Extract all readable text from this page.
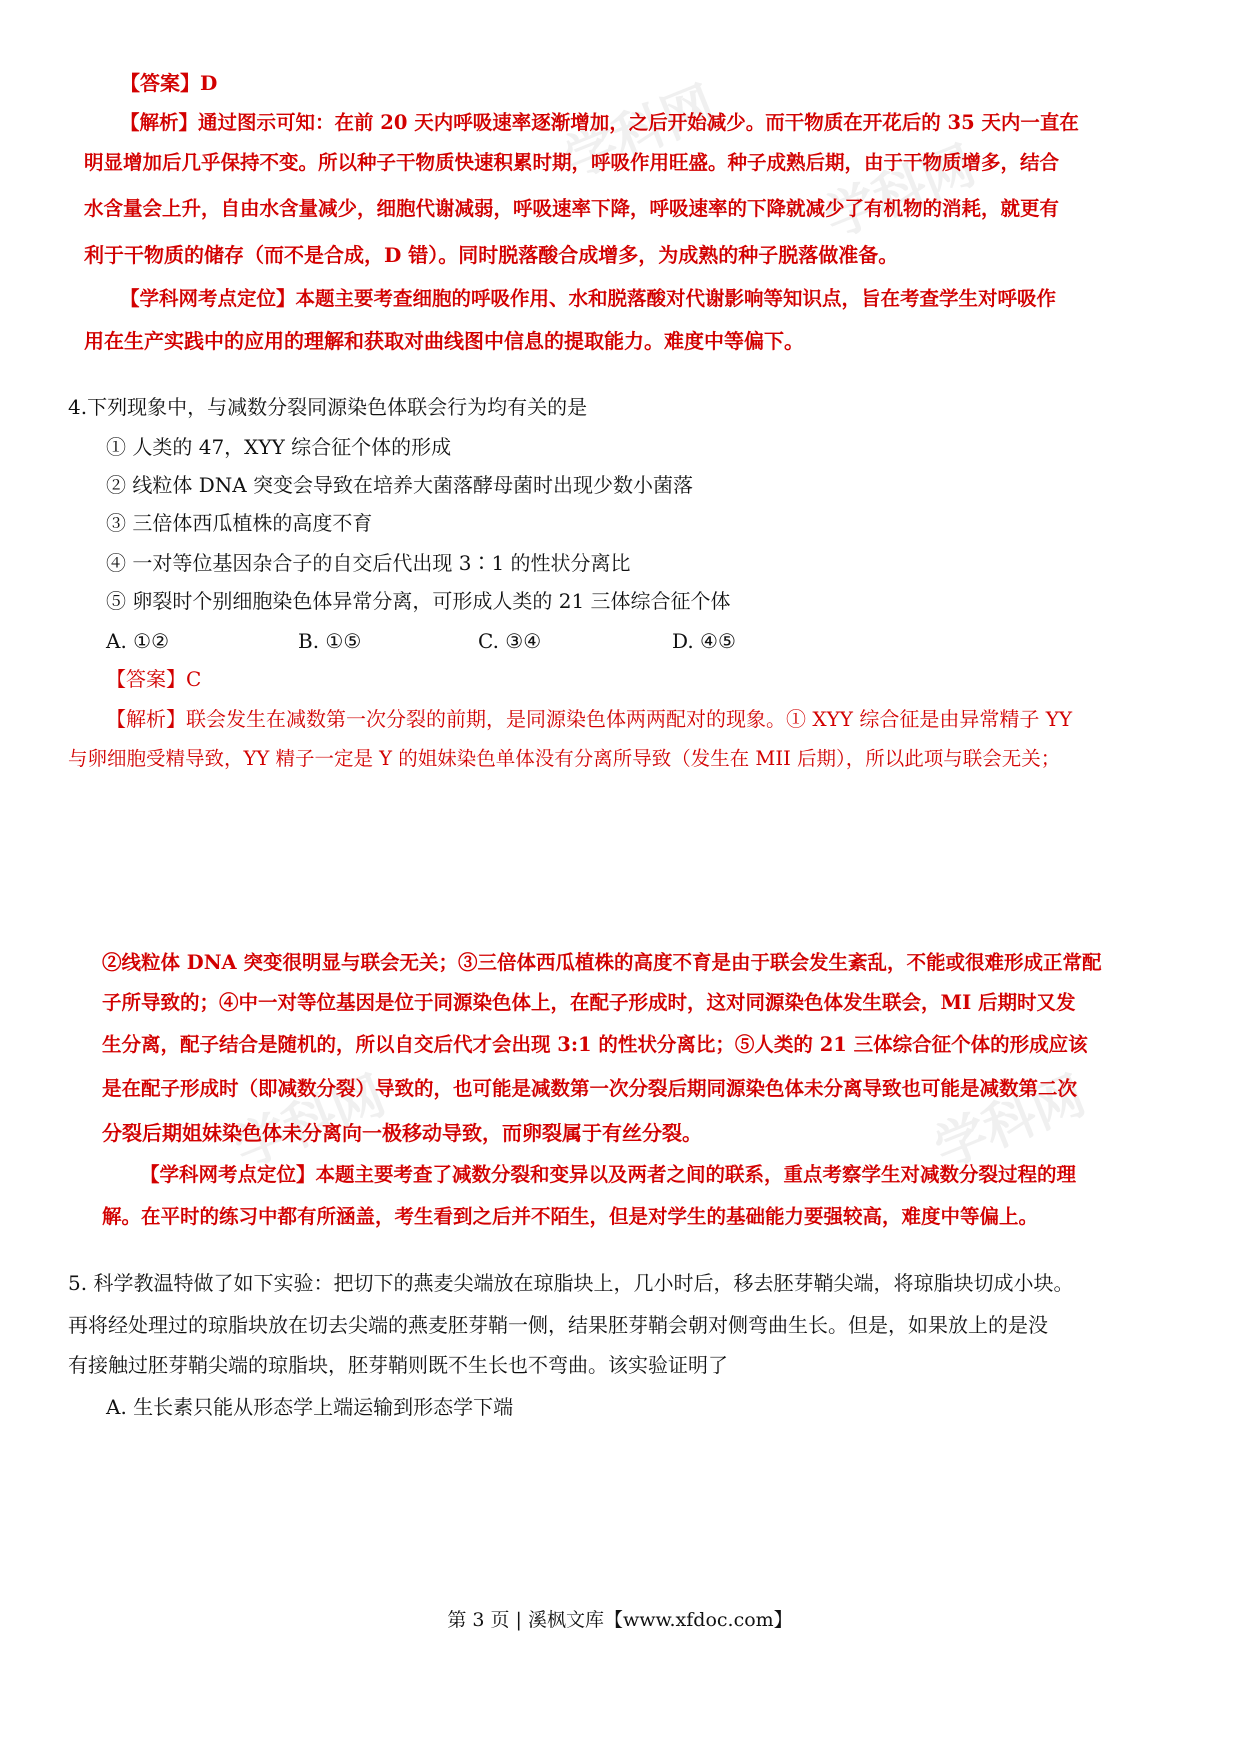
学科网
学科网
学科网	学科网
【答案】D
【解析】通过图示可知：在前 20 天内呼吸速率逐渐增加，之后开始减少。而干物质在开花后的 35 天内一直在
明显增加后几乎保持不变。所以种子干物质快速积累时期，呼吸作用旺盛。种子成熟后期，由于干物质增多，结合
水含量会上升，自由水含量减少，细胞代谢减弱，呼吸速率下降，呼吸速率的下降就减少了有机物的消耗，就更有
利于干物质的储存（而不是合成，D 错）。同时脱落酸合成增多，为成熟的种子脱落做准备。
【学科网考点定位】本题主要考查细胞的呼吸作用、水和脱落酸对代谢影响等知识点，旨在考查学生对呼吸作
用在生产实践中的应用的理解和获取对曲线图中信息的提取能力。难度中等偏下。
4.下列现象中，与减数分裂同源染色体联会行为均有关的是
① 人类的 47，XYY 综合征个体的形成
② 线粒体 DNA 突变会导致在培养大菌落酵母菌时出现少数小菌落
③ 三倍体西瓜植株的高度不育
④ 一对等位基因杂合子的自交后代出现 3∶1 的性状分离比
⑤ 卵裂时个别细胞染色体异常分离，可形成人类的 21 三体综合征个体
A. ①②	B. ①⑤	C. ③④	D. ④⑤
【答案】C
【解析】联会发生在减数第一次分裂的前期，是同源染色体两两配对的现象。① XYY 综合征是由异常精子 YY
与卵细胞受精导致，YY 精子一定是 Y 的姐妹染色单体没有分离所导致（发生在 MII 后期），所以此项与联会无关；
②线粒体 DNA 突变很明显与联会无关；③三倍体西瓜植株的高度不育是由于联会发生紊乱，不能或很难形成正常配
子所导致的；④中一对等位基因是位于同源染色体上，在配子形成时，这对同源染色体发生联会，MI 后期时又发
生分离，配子结合是随机的，所以自交后代才会出现 3:1 的性状分离比；⑤人类的 21 三体综合征个体的形成应该
是在配子形成时（即减数分裂）导致的，也可能是减数第一次分裂后期同源染色体未分离导致也可能是减数第二次
分裂后期姐妹染色体未分离向一极移动导致，而卵裂属于有丝分裂。
【学科网考点定位】本题主要考查了减数分裂和变异以及两者之间的联系，重点考察学生对减数分裂过程的理
解。在平时的练习中都有所涵盖，考生看到之后并不陌生，但是对学生的基础能力要强较高，难度中等偏上。
5. 科学教温特做了如下实验：把切下的燕麦尖端放在琼脂块上，几小时后，移去胚芽鞘尖端，将琼脂块切成小块。
再将经处理过的琼脂块放在切去尖端的燕麦胚芽鞘一侧，结果胚芽鞘会朝对侧弯曲生长。但是，如果放上的是没
有接触过胚芽鞘尖端的琼脂块，胚芽鞘则既不生长也不弯曲。该实验证明了
A. 生长素只能从形态学上端运输到形态学下端
第 3 页 | 溪枫文库【www.xfdoc.com】
